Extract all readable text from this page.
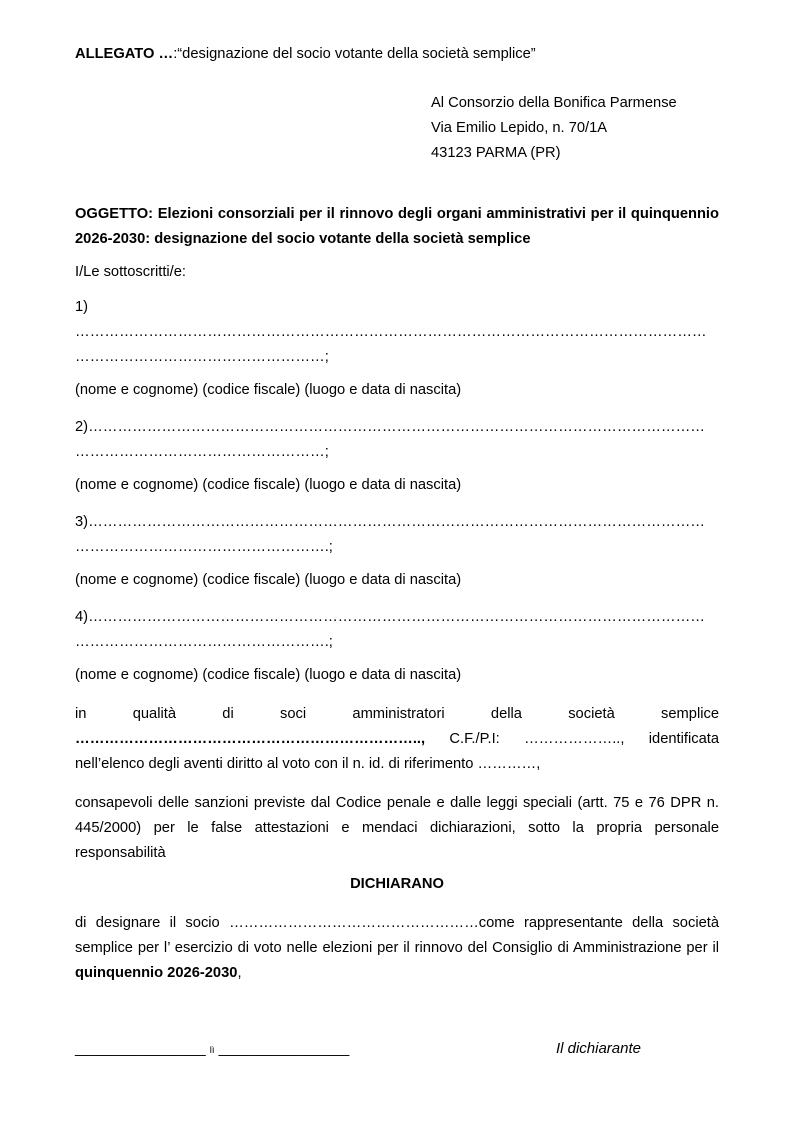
ALLEGATO …:“designazione del socio votante della società semplice”

Al Consorzio della Bonifica Parmense
Via Emilio Lepido, n. 70/1A
43123 PARMA (PR)

OGGETTO: Elezioni consorziali per il rinnovo degli organi amministrativi per il quinquennio 2026-2030: designazione del socio votante della società semplice

I/Le sottoscritti/e:

1)
…………………………………………………………………………………………………………………
……………………………………………;

(nome e cognome) (codice fiscale) (luogo e data di nascita)

2)………………………………………………………………………………………………………………
……………………………………………;

(nome e cognome) (codice fiscale) (luogo e data di nascita)

3)………………………………………………………………………………………………………………
…………………………………………….;

(nome e cognome) (codice fiscale) (luogo e data di nascita)

4)………………………………………………………………………………………………………………
…………………………………………….;

(nome e cognome) (codice fiscale) (luogo e data di nascita)

in qualità di soci amministratori della società semplice …………………………………………………………….., C.F./P.I: ……………….., identificata nell’elenco degli aventi diritto al voto con il n. id. di riferimento …………,

consapevoli delle sanzioni previste dal Codice penale e dalle leggi speciali (artt. 75 e 76 DPR n. 445/2000) per le false attestazioni e mendaci dichiarazioni, sotto la propria personale responsabilità

DICHIARANO

di designare il socio ……………………………………………come rappresentante della società semplice per l’ esercizio di voto nelle elezioni per il rinnovo del Consiglio di Amministrazione per il quinquennio 2026-2030,

________________ lì ________________	Il dichiarante
